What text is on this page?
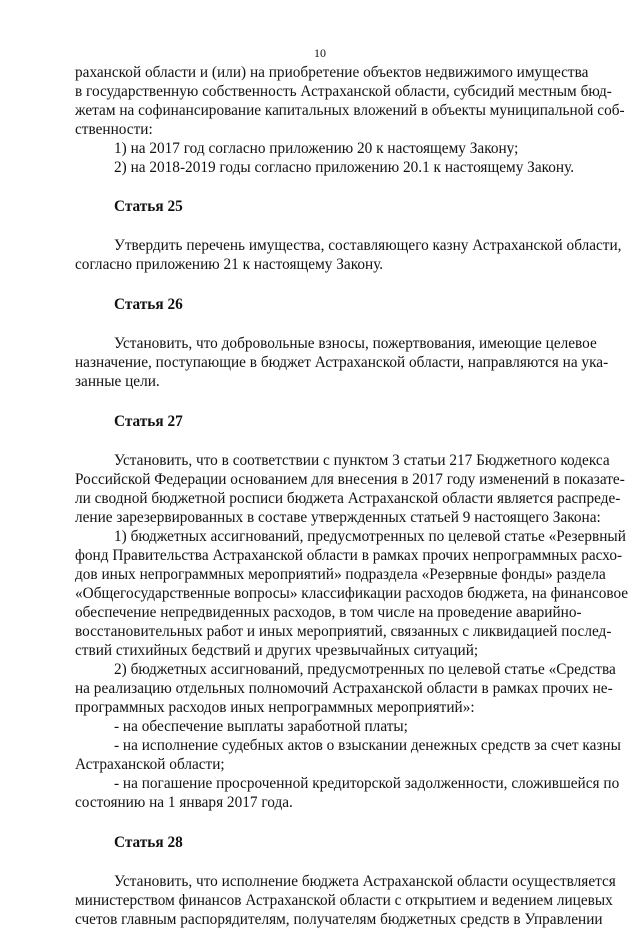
10
раханской области и (или) на приобретение объектов недвижимого имущества
в государственную собственность Астраханской области, субсидий местным бюд-
жетам на софинансирование капитальных вложений в объекты муниципальной соб-
ственности:
1) на 2017 год согласно приложению 20 к настоящему Закону;
2) на 2018-2019 годы согласно приложению 20.1 к настоящему Закону.
Статья 25
Утвердить перечень имущества, составляющего казну Астраханской области,
согласно приложению 21 к настоящему Закону.
Статья 26
Установить, что добровольные взносы, пожертвования, имеющие целевое
назначение, поступающие в бюджет Астраханской области, направляются на ука-
занные цели.
Статья 27
Установить, что в соответствии с пунктом 3 статьи 217 Бюджетного кодекса
Российской Федерации основанием для внесения в 2017 году изменений в показате-
ли сводной бюджетной росписи бюджета Астраханской области является распреде-
ление зарезервированных в составе утвержденных статьей 9 настоящего Закона:
1) бюджетных ассигнований, предусмотренных по целевой статье «Резервный
фонд Правительства Астраханской области в рамках прочих непрограммных расхо-
дов иных непрограммных мероприятий» подраздела «Резервные фонды» раздела
«Общегосударственные вопросы» классификации расходов бюджета, на финансовое
обеспечение непредвиденных расходов, в том числе на проведение аварийно-
восстановительных работ и иных мероприятий, связанных с ликвидацией послед-
ствий стихийных бедствий и других чрезвычайных ситуаций;
2) бюджетных ассигнований, предусмотренных по целевой статье «Средства
на реализацию отдельных полномочий Астраханской области в рамках прочих не-
программных расходов иных непрограммных мероприятий»:
- на обеспечение выплаты заработной платы;
- на исполнение судебных актов о взыскании денежных средств за счет казны
Астраханской области;
- на погашение просроченной кредиторской задолженности, сложившейся по
состоянию на 1 января 2017 года.
Статья 28
Установить, что исполнение бюджета Астраханской области осуществляется
министерством финансов Астраханской области с открытием и ведением лицевых
счетов главным распорядителям, получателям бюджетных средств в Управлении
